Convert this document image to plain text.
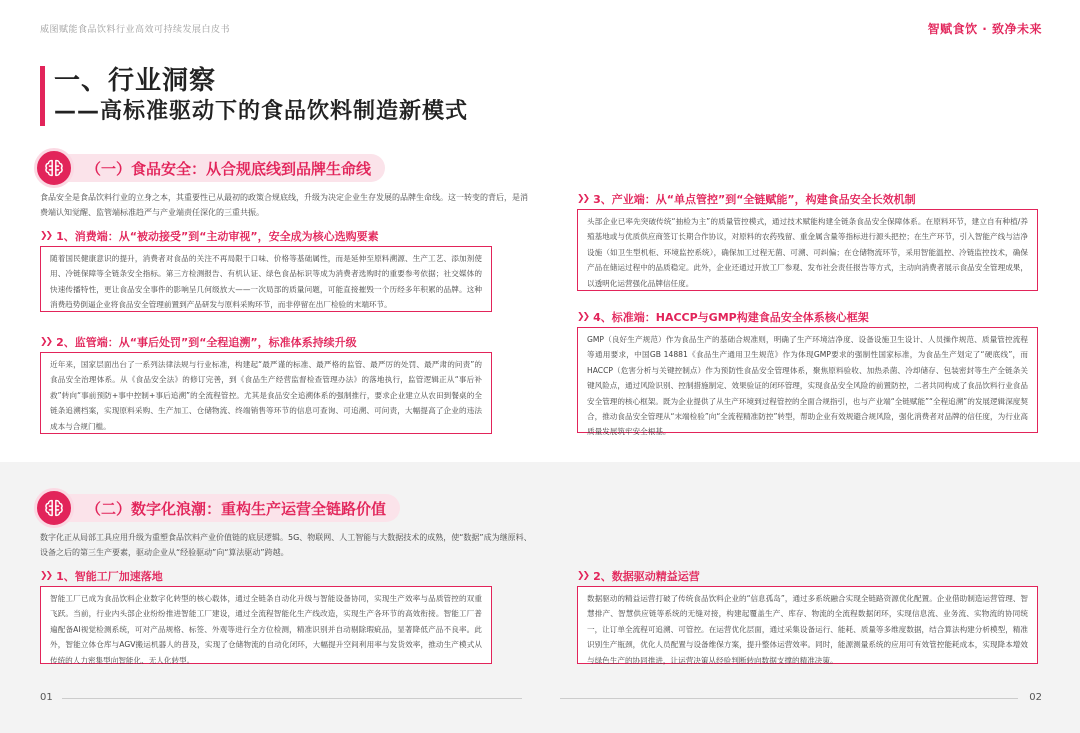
威图赋能食品饮料行业高效可持续发展白皮书	智赋食饮 · 致净未来
一、行业洞察
——高标准驱动下的食品饮料制造新模式
（一）食品安全：从合规底线到品牌生命线
食品安全是食品饮料行业的立身之本，其重要性已从最初的政策合规底线，升级为决定企业生存发展的品牌生命线。这一转变的背后，是消费端认知觉醒、监管端标准趋严与产业端责任深化的三重共振。
❯❯ 1、消费端：从“被动接受”到“主动审视”，安全成为核心选购要素
随着国民健康意识的提升，消费者对食品的关注不再局限于口味、价格等基础属性，而是延伸至原料溯源、生产工艺、添加剂使用、冷链保障等全链条安全指标。第三方检测报告、有机认证、绿色食品标识等成为消费者选购时的重要参考依据；社交媒体的快速传播特性，更让食品安全事件的影响呈几何级放大——一次局部的质量问题，可能直接摧毁一个历经多年积累的品牌。这种消费趋势倒逼企业将食品安全管理前置到产品研发与原料采购环节，而非停留在出厂检验的末端环节。
❯❯ 2、监管端：从“事后处罚”到“全程追溯”，标准体系持续升级
近年来，国家层面出台了一系列法律法规与行业标准，构建起“最严谨的标准、最严格的监管、最严厉的处罚、最严肃的问责”的食品安全治理体系。从《食品安全法》的修订完善，到《食品生产经营监督检查管理办法》的落地执行，监管逻辑正从“事后补救”转向“事前预防+事中控制+事后追溯”的全流程管控。尤其是食品安全追溯体系的强制推行，要求企业建立从农田到餐桌的全链条追溯档案，实现原料采购、生产加工、仓储物流、终端销售等环节的信息可查询、可追溯、可问责，大幅提高了企业的违法成本与合规门槛。
❯❯ 3、产业端：从“单点管控”到“全链赋能”，构建食品安全长效机制
头部企业已率先突破传统“抽检为主”的质量管控模式，通过技术赋能构建全链条食品安全保障体系。在原料环节，建立自有种植/养殖基地或与优质供应商签订长期合作协议，对原料的农药残留、重金属含量等指标进行源头把控；在生产环节，引入智能产线与洁净设施（如卫生型机柜、环境监控系统），确保加工过程无菌、可溯、可纠偏；在仓储物流环节，采用智能温控、冷链监控技术，确保产品在储运过程中的品质稳定。此外，企业还通过开放工厂参观、发布社会责任报告等方式，主动向消费者展示食品安全管理成果，以透明化运营强化品牌信任度。
❯❯ 4、标准端：HACCP与GMP构建食品安全体系核心框架
GMP（良好生产规范）作为食品生产的基础合规准则，明确了生产环境洁净度、设备设施卫生设计、人员操作规范、质量管控流程等通用要求，中国GB 14881《食品生产通用卫生规范》作为体现GMP要求的强制性国家标准，为食品生产划定了“硬底线”，而HACCP（危害分析与关键控制点）作为预防性食品安全管理体系，聚焦原料验收、加热杀菌、冷却储存、包装密封等生产全链条关键风险点，通过风险识别、控制措施制定、效果验证的闭环管理，实现食品安全风险的前置防控，二者共同构成了食品饮料行业食品安全管理的核心框架。既为企业提供了从生产环境到过程管控的全面合规指引，也与产业端“全链赋能”“全程追溯”的发展逻辑深度契合，推动食品安全管理从“末端检验”向“全流程精准防控”转型，帮助企业有效规避合规风险，强化消费者对品牌的信任度，为行业高质量发展筑牢安全根基。
（二）数字化浪潮：重构生产运营全链路价值
数字化正从局部工具应用升级为重塑食品饮料产业价值链的底层逻辑。5G、物联网、人工智能与大数据技术的成熟，使“数据”成为继原料、设备之后的第三生产要素，驱动企业从“经验驱动”向“算法驱动”跨越。
❯❯ 1、智能工厂加速落地
智能工厂已成为食品饮料企业数字化转型的核心载体，通过全链条自动化升级与智能设备协同，实现生产效率与品质管控的双重飞跃。当前，行业内头部企业纷纷推进智能工厂建设，通过全流程智能化生产线改造，实现生产各环节的高效衔接。智能工厂普遍配备AI视觉检测系统，可对产品规格、标签、外观等进行全方位检测，精准识别并自动剔除瑕疵品，显著降低产品不良率。此外，智能立体仓库与AGV搬运机器人的普及，实现了仓储物流的自动化闭环，大幅提升空间利用率与发货效率，推动生产模式从传统的人力密集型向智能化、无人化转型。
❯❯ 2、数据驱动精益运营
数据驱动的精益运营打破了传统食品饮料企业的“信息孤岛”，通过多系统融合实现全链路资源优化配置。企业借助制造运营管理、智慧排产、智慧供应链等系统的无缝对接，构建起覆盖生产、库存、物流的全流程数据闭环，实现信息流、业务流、实物流的协同统一，让订单全流程可追溯、可管控。在运营优化层面，通过采集设备运行、能耗、质量等多维度数据，结合算法构建分析模型，精准识别生产瓶颈，优化人员配置与设备维保方案，提升整体运营效率。同时，能源测量系统的应用可有效管控能耗成本，实现降本增效与绿色生产的协同推进，让运营决策从经验判断转向数据支撑的精准决策。
01	02
